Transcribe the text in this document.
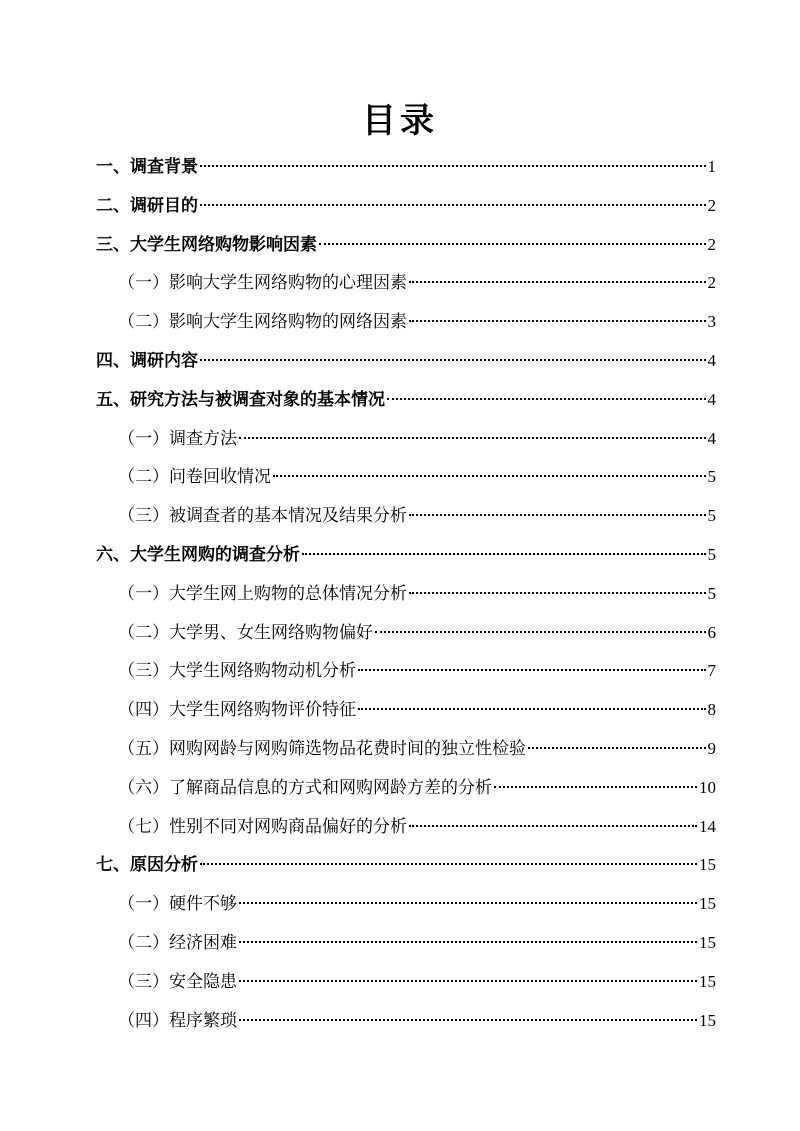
目录
一、调查背景	1
二、调研目的	2
三、大学生网络购物影响因素	2
（一）影响大学生网络购物的心理因素	2
（二）影响大学生网络购物的网络因素	3
四、调研内容	4
五、研究方法与被调查对象的基本情况	4
（一）调查方法	4
（二）问卷回收情况	5
（三）被调查者的基本情况及结果分析	5
六、大学生网购的调查分析	5
（一）大学生网上购物的总体情况分析	5
（二）大学男、女生网络购物偏好	6
（三）大学生网络购物动机分析	7
（四）大学生网络购物评价特征	8
（五）网购网龄与网购筛选物品花费时间的独立性检验	9
（六）了解商品信息的方式和网购网龄方差的分析	10
（七）性别不同对网购商品偏好的分析	14
七、原因分析	15
（一）硬件不够	15
（二）经济困难	15
（三）安全隐患	15
（四）程序繁琐	15
